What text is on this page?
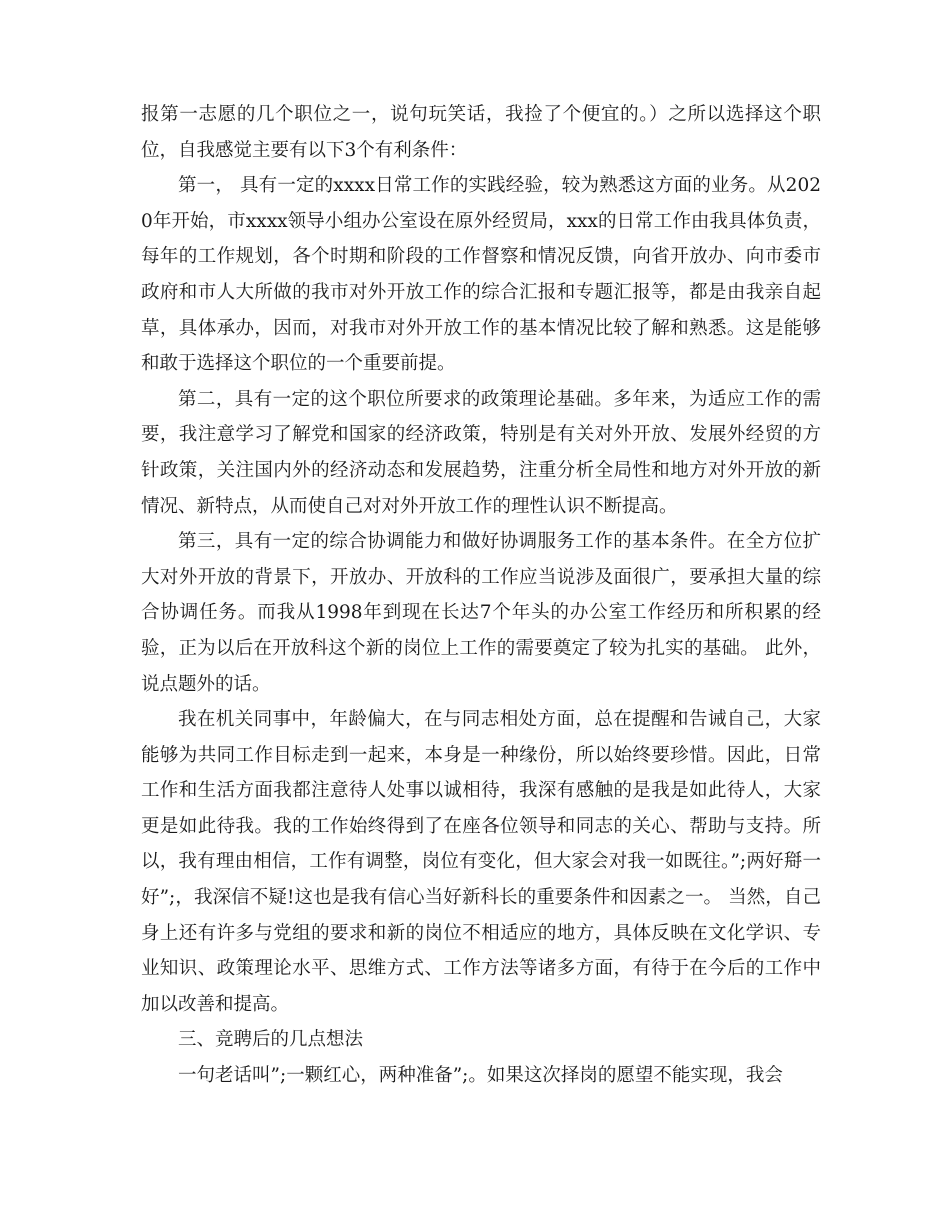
报第一志愿的几个职位之一，说句玩笑话，我捡了个便宜的。）之所以选择这个职位，自我感觉主要有以下3个有利条件：

第一， 具有一定的xxxx日常工作的实践经验，较为熟悉这方面的业务。从2020年开始，市xxxx领导小组办公室设在原外经贸局，xxx的日常工作由我具体负责，每年的工作规划，各个时期和阶段的工作督察和情况反馈，向省开放办、向市委市政府和市人大所做的我市对外开放工作的综合汇报和专题汇报等，都是由我亲自起草，具体承办，因而，对我市对外开放工作的基本情况比较了解和熟悉。这是能够和敢于选择这个职位的一个重要前提。

第二，具有一定的这个职位所要求的政策理论基础。多年来，为适应工作的需要，我注意学习了解党和国家的经济政策，特别是有关对外开放、发展外经贸的方针政策，关注国内外的经济动态和发展趋势，注重分析全局性和地方对外开放的新情况、新特点，从而使自己对对外开放工作的理性认识不断提高。

第三，具有一定的综合协调能力和做好协调服务工作的基本条件。在全方位扩大对外开放的背景下，开放办、开放科的工作应当说涉及面很广，要承担大量的综合协调任务。而我从1998年到现在长达7个年头的办公室工作经历和所积累的经验，正为以后在开放科这个新的岗位上工作的需要奠定了较为扎实的基础。 此外，说点题外的话。

我在机关同事中，年龄偏大，在与同志相处方面，总在提醒和告诫自己，大家能够为共同工作目标走到一起来，本身是一种缘份，所以始终要珍惜。因此，日常工作和生活方面我都注意待人处事以诚相待，我深有感触的是我是如此待人，大家更是如此待我。我的工作始终得到了在座各位领导和同志的关心、帮助与支持。所以，我有理由相信，工作有调整，岗位有变化，但大家会对我一如既往。”;两好搿一好”;，我深信不疑!这也是我有信心当好新科长的重要条件和因素之一。 当然，自己身上还有许多与党组的要求和新的岗位不相适应的地方，具体反映在文化学识、专业知识、政策理论水平、思维方式、工作方法等诸多方面，有待于在今后的工作中加以改善和提高。

三、竞聘后的几点想法

一句老话叫”;一颗红心，两种准备”;。如果这次择岗的愿望不能实现，我会
